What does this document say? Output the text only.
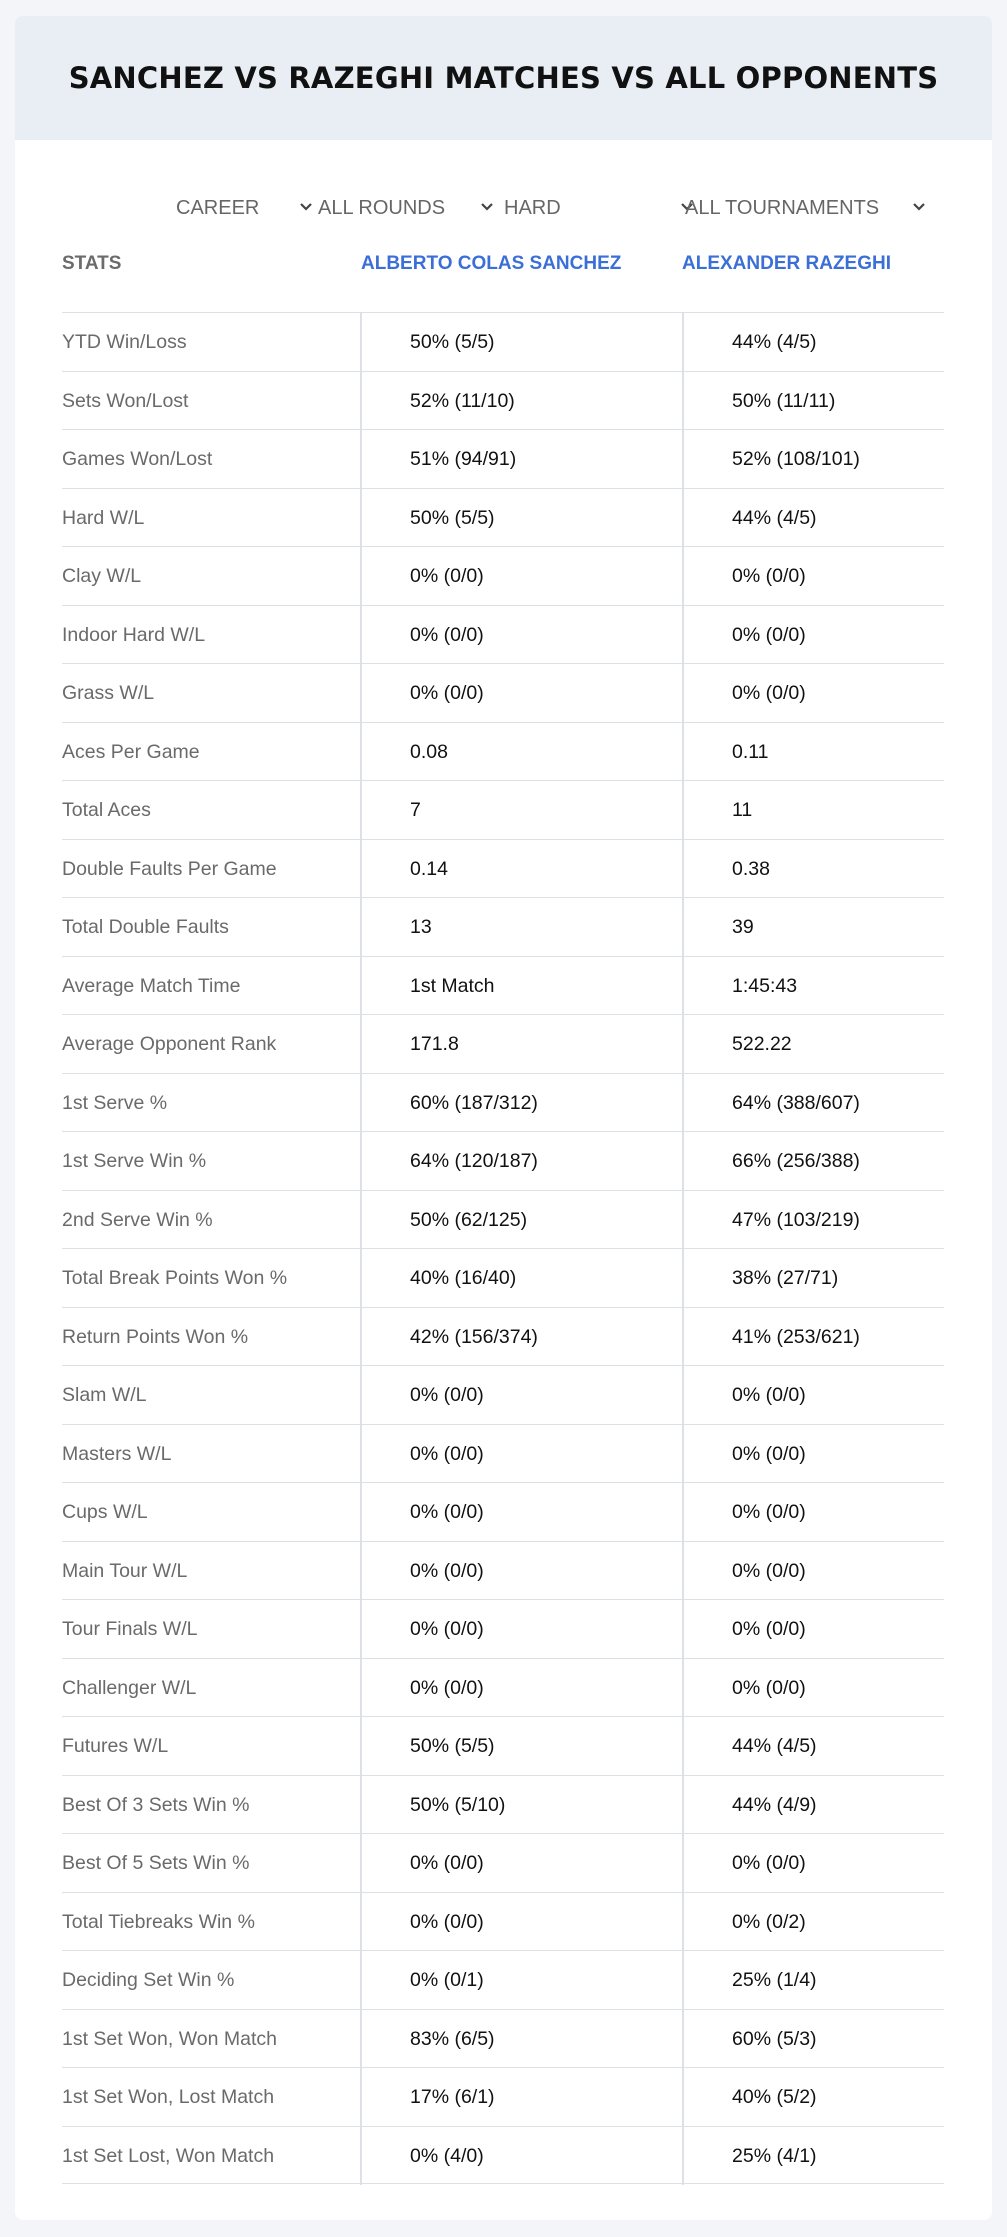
SANCHEZ VS RAZEGHI MATCHES VS ALL OPPONENTS
CAREER	ALL ROUNDS	HARD	ALL TOURNAMENTS
STATS	ALBERTO COLAS SANCHEZ	ALEXANDER RAZEGHI
YTD Win/Loss	50% (5/5)	44% (4/5)
Sets Won/Lost	52% (11/10)	50% (11/11)
Games Won/Lost	51% (94/91)	52% (108/101)
Hard W/L	50% (5/5)	44% (4/5)
Clay W/L	0% (0/0)	0% (0/0)
Indoor Hard W/L	0% (0/0)	0% (0/0)
Grass W/L	0% (0/0)	0% (0/0)
Aces Per Game	0.08	0.11
Total Aces	7	11
Double Faults Per Game	0.14	0.38
Total Double Faults	13	39
Average Match Time	1st Match	1:45:43
Average Opponent Rank	171.8	522.22
1st Serve %	60% (187/312)	64% (388/607)
1st Serve Win %	64% (120/187)	66% (256/388)
2nd Serve Win %	50% (62/125)	47% (103/219)
Total Break Points Won %	40% (16/40)	38% (27/71)
Return Points Won %	42% (156/374)	41% (253/621)
Slam W/L	0% (0/0)	0% (0/0)
Masters W/L	0% (0/0)	0% (0/0)
Cups W/L	0% (0/0)	0% (0/0)
Main Tour W/L	0% (0/0)	0% (0/0)
Tour Finals W/L	0% (0/0)	0% (0/0)
Challenger W/L	0% (0/0)	0% (0/0)
Futures W/L	50% (5/5)	44% (4/5)
Best Of 3 Sets Win %	50% (5/10)	44% (4/9)
Best Of 5 Sets Win %	0% (0/0)	0% (0/0)
Total Tiebreaks Win %	0% (0/0)	0% (0/2)
Deciding Set Win %	0% (0/1)	25% (1/4)
1st Set Won, Won Match	83% (6/5)	60% (5/3)
1st Set Won, Lost Match	17% (6/1)	40% (5/2)
1st Set Lost, Won Match	0% (4/0)	25% (4/1)
